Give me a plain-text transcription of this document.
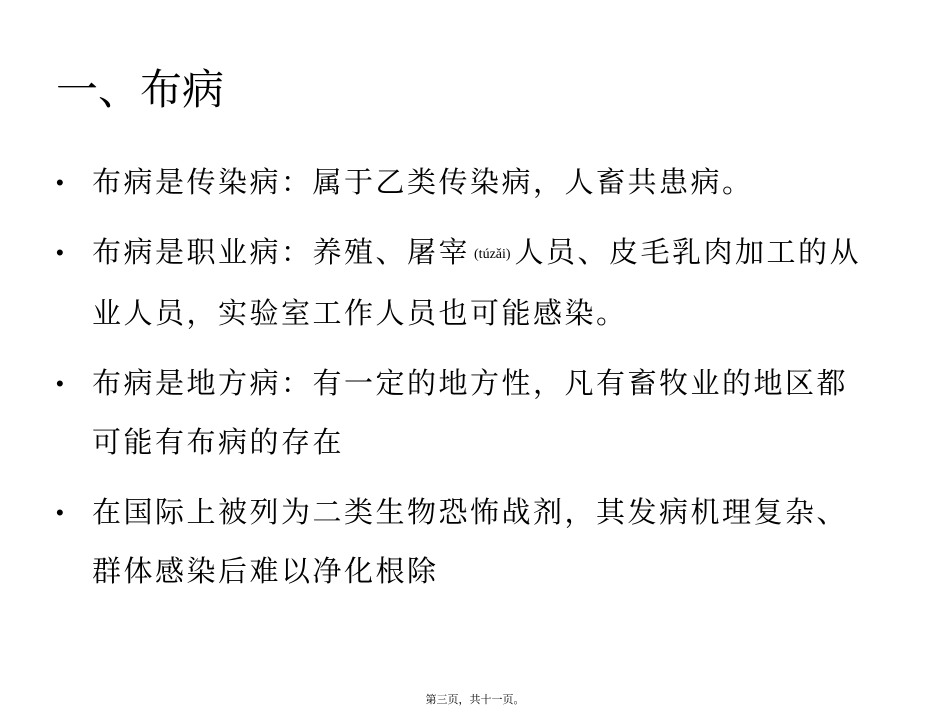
一、布病
• 布病是传染病：属于乙类传染病，人畜共患病。
• 布病是职业病：养殖、屠宰 (túzǎi) 人员、皮毛乳肉加工的从
业人员，实验室工作人员也可能感染。
• 布病是地方病：有一定的地方性，凡有畜牧业的地区都
可能有布病的存在
• 在国际上被列为二类生物恐怖战剂，其发病机理复杂、
群体感染后难以净化根除
第三页，共十一页。
